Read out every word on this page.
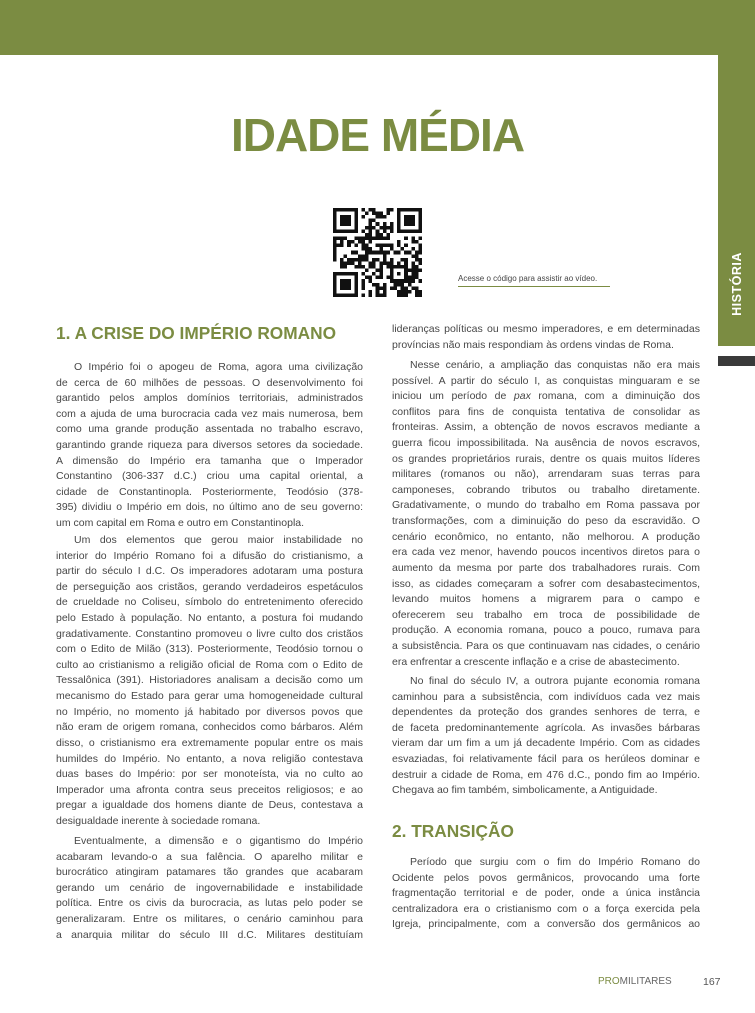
HISTÓRIA
IDADE MÉDIA
Acesse o código para assistir ao vídeo.
1. A CRISE DO IMPÉRIO ROMANO
O Império foi o apogeu de Roma, agora uma civilização
de cerca de 60 milhões de pessoas. O desenvolvimento foi
garantido pelos amplos domínios territoriais, administrados
com a ajuda de uma burocracia cada vez mais numerosa, bem
como uma grande produção assentada no trabalho escravo,
garantindo grande riqueza para diversos setores da sociedade.
A dimensão do Império era tamanha que o Imperador
Constantino (306-337 d.C.) criou uma capital oriental, a
cidade de Constantinopla. Posteriormente, Teodósio (378-
395) dividiu o Império em dois, no último ano de seu governo:
um com capital em Roma e outro em Constantinopla.
Um dos elementos que gerou maior instabilidade no
interior do Império Romano foi a difusão do cristianismo, a
partir do século I d.C. Os imperadores adotaram uma postura
de perseguição aos cristãos, gerando verdadeiros espetáculos
de crueldade no Coliseu, símbolo do entretenimento oferecido
pelo Estado à população. No entanto, a postura foi mudando
gradativamente. Constantino promoveu o livre culto dos cristãos
com o Edito de Milão (313). Posteriormente, Teodósio tornou o
culto ao cristianismo a religião oficial de Roma com o Edito de
Tessalônica (391). Historiadores analisam a decisão como um
mecanismo do Estado para gerar uma homogeneidade cultural
no Império, no momento já habitado por diversos povos que
não eram de origem romana, conhecidos como bárbaros. Além
disso, o cristianismo era extremamente popular entre os mais
humildes do Império. No entanto, a nova religião contestava
duas bases do Império: por ser monoteísta, via no culto ao
Imperador uma afronta contra seus preceitos religiosos; e ao
pregar a igualdade dos homens diante de Deus, contestava a
desigualdade inerente à sociedade romana.
Eventualmente, a dimensão e o gigantismo do Império
acabaram levando-o a sua falência. O aparelho militar e
burocrático atingiram patamares tão grandes que acabaram
gerando um cenário de ingovernabilidade e instabilidade
política. Entre os civis da burocracia, as lutas pelo poder se
generalizaram. Entre os militares, o cenário caminhou para
a anarquia militar do século III d.C. Militares destituíam
lideranças políticas ou mesmo imperadores, e em determinadas
províncias não mais respondiam às ordens vindas de Roma.
Nesse cenário, a ampliação das conquistas não era mais
possível. A partir do século I, as conquistas minguaram e se
iniciou um período de pax romana, com a diminuição dos
conflitos para fins de conquista tentativa de consolidar as
fronteiras. Assim, a obtenção de novos escravos mediante a
guerra ficou impossibilitada. Na ausência de novos escravos,
os grandes proprietários rurais, dentre os quais muitos líderes
militares (romanos ou não), arrendaram suas terras para
camponeses, cobrando tributos ou trabalho diretamente.
Gradativamente, o mundo do trabalho em Roma passava por
transformações, com a diminuição do peso da escravidão. O
cenário econômico, no entanto, não melhorou. A produção
era cada vez menor, havendo poucos incentivos diretos para o
aumento da mesma por parte dos trabalhadores rurais. Com
isso, as cidades começaram a sofrer com desabastecimentos,
levando muitos homens a migrarem para o campo e
oferecerem seu trabalho em troca de possibilidade de
produção. A economia romana, pouco a pouco, rumava para
a subsistência. Para os que continuavam nas cidades, o cenário
era enfrentar a crescente inflação e a crise de abastecimento.
No final do século IV, a outrora pujante economia romana
caminhou para a subsistência, com indivíduos cada vez mais
dependentes da proteção dos grandes senhores de terra, e
de faceta predominantemente agrícola. As invasões bárbaras
vieram dar um fim a um já decadente Império. Com as cidades
esvaziadas, foi relativamente fácil para os herúleos dominar e
destruir a cidade de Roma, em 476 d.C., pondo fim ao Império.
Chegava ao fim também, simbolicamente, a Antiguidade.
2. TRANSIÇÃO
Período que surgiu com o fim do Império Romano do
Ocidente pelos povos germânicos, provocando uma forte
fragmentação territorial e de poder, onde a única instância
centralizadora era o cristianismo com o a força exercida pela
Igreja, principalmente, com a conversão dos germânicos ao
PROMILITARES	167
